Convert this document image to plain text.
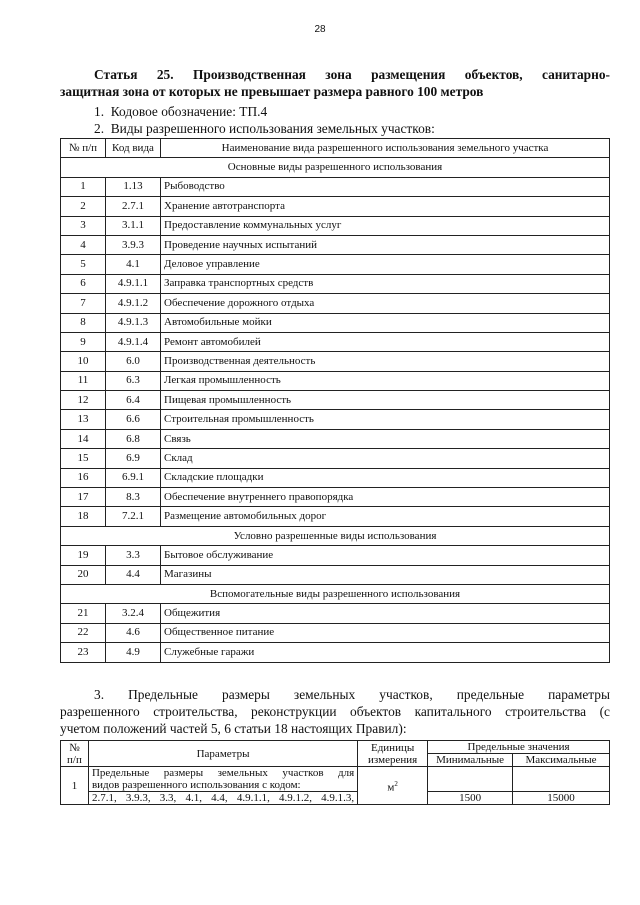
28
Статья 25. Производственная зона размещения объектов, санитарно-
защитная зона от которых не превышает размера равного 100 метров
1. Кодовое обозначение: ТП.4
2. Виды разрешенного использования земельных участков:
№ п/п	Код вида	Наименование вида разрешенного использования земельного участка
Основные виды разрешенного использования		
1	1.13	Рыбоводство
2	2.7.1	Хранение автотранспорта
3	3.1.1	Предоставление коммунальных услуг
4	3.9.3	Проведение научных испытаний
5	4.1	Деловое управление
6	4.9.1.1	Заправка транспортных средств
7	4.9.1.2	Обеспечение дорожного отдыха
8	4.9.1.3	Автомобильные мойки
9	4.9.1.4	Ремонт автомобилей
10	6.0	Производственная деятельность
11	6.3	Легкая промышленность
12	6.4	Пищевая промышленность
13	6.6	Строительная промышленность
14	6.8	Связь
15	6.9	Склад
16	6.9.1	Складские площадки
17	8.3	Обеспечение внутреннего правопорядка
18	7.2.1	Размещение автомобильных дорог
Условно разрешенные виды использования		
19	3.3	Бытовое обслуживание
20	4.4	Магазины
Вспомогательные виды разрешенного использования		
21	3.2.4	Общежития
22	4.6	Общественное питание
23	4.9	Служебные гаражи
3. Предельные размеры земельных участков, предельные параметры
разрешенного строительства, реконструкции объектов капитального строительства (с
учетом положений частей 5, 6 статьи 18 настоящих Правил):
№
п/п	Параметры	Единицы
измерения	Предельные значения	
			Минимальные	Максимальные
1	Предельные размеры земельных участков для
видов разрешенного использования с кодом:	$м^2$		
	2.7.1, 3.9.3, 3.3, 4.1, 4.4, 4.9.1.1, 4.9.1.2, 4.9.1.3,		1500	15000
